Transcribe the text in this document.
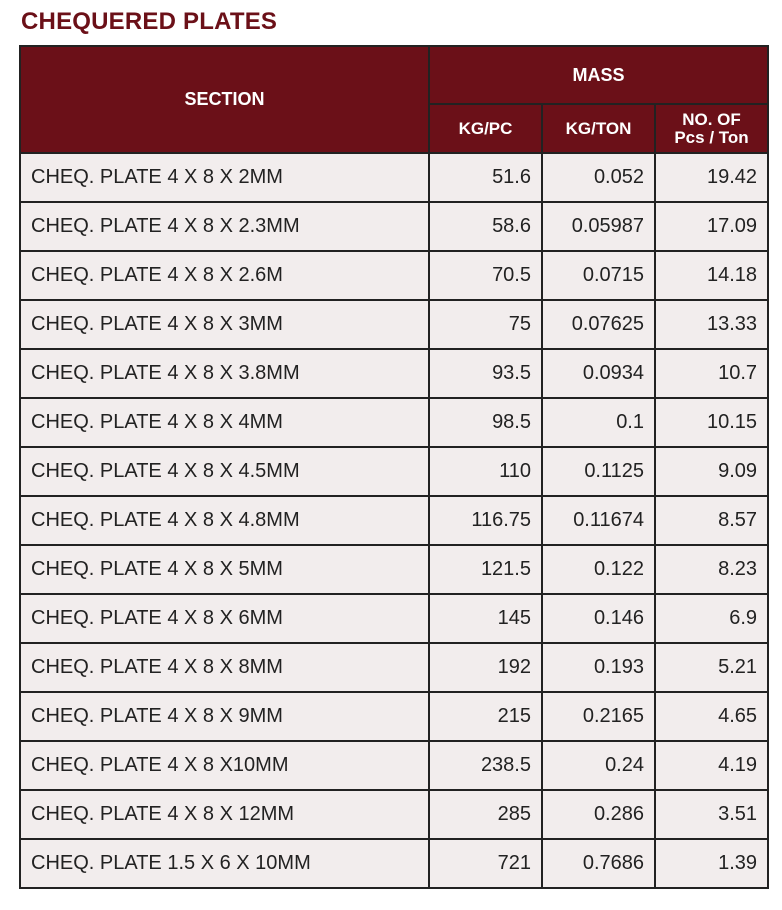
CHEQUERED PLATES
SECTION	MASS		
	KG/PC	KG/TON	NO. OF
Pcs / Ton
CHEQ. PLATE 4 X 8 X 2MM	51.6	0.052	19.42
CHEQ. PLATE 4 X 8 X 2.3MM	58.6	0.05987	17.09
CHEQ. PLATE 4 X 8 X 2.6M	70.5	0.0715	14.18
CHEQ. PLATE 4 X 8 X 3MM	75	0.07625	13.33
CHEQ. PLATE 4 X 8 X 3.8MM	93.5	0.0934	10.7
CHEQ. PLATE 4 X 8 X 4MM	98.5	0.1	10.15
CHEQ. PLATE 4 X 8 X 4.5MM	110	0.1125	9.09
CHEQ. PLATE 4 X 8 X 4.8MM	116.75	0.11674	8.57
CHEQ. PLATE 4 X 8 X 5MM	121.5	0.122	8.23
CHEQ. PLATE 4 X 8 X 6MM	145	0.146	6.9
CHEQ. PLATE 4 X 8 X 8MM	192	0.193	5.21
CHEQ. PLATE 4 X 8 X 9MM	215	0.2165	4.65
CHEQ. PLATE 4 X 8 X10MM	238.5	0.24	4.19
CHEQ. PLATE 4 X 8 X 12MM	285	0.286	3.51
CHEQ. PLATE 1.5 X 6 X 10MM	721	0.7686	1.39
